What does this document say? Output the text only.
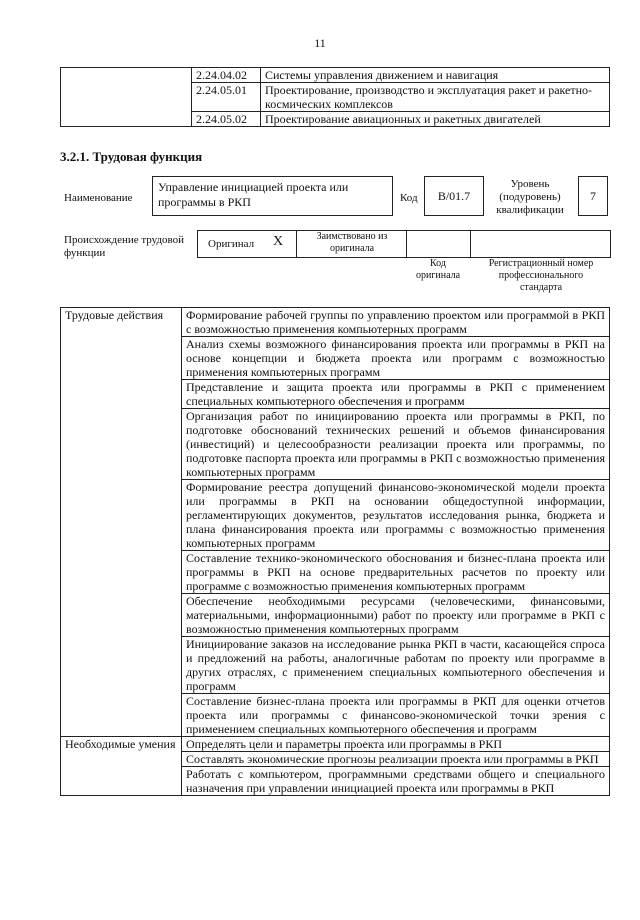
11
	2.24.04.02	Системы управления движением и навигация
	2.24.05.01	Проектирование, производство и эксплуатация ракет и ракетно-космических комплексов
	2.24.05.02	Проектирование авиационных и ракетных двигателей
3.2.1. Трудовая функция
Наименование
Управление инициацией проекта или программы в РКП	Код	В/01.7
Уровень (подуровень) квалификации
7
Происхождение трудовой функции
Оригинал X	Заимствовано из оригинала
Код оригинала
Регистрационный номер профессионального стандарта
Трудовые действия	Формирование рабочей группы по управлению проектом или программой в РКП с возможностью применения компьютерных программ
	Анализ схемы возможного финансирования проекта или программы в РКП на основе концепции и бюджета проекта или программ с возможностью применения компьютерных программ
	Представление и защита проекта или программы в РКП с применением специальных компьютерного обеспечения и программ
	Организация работ по инициированию проекта или программы в РКП, по подготовке обоснований технических решений и объемов финансирования (инвестиций) и целесообразности реализации проекта или программы, по подготовке паспорта проекта или программы в РКП с возможностью применения компьютерных программ
	Формирование реестра допущений финансово-экономической модели проекта или программы в РКП на основании общедоступной информации, регламентирующих документов, результатов исследования рынка, бюджета и плана финансирования проекта или программы с возможностью применения компьютерных программ
	Составление технико-экономического обоснования и бизнес-плана проекта или программы в РКП на основе предварительных расчетов по проекту или программе с возможностью применения компьютерных программ
	Обеспечение необходимыми ресурсами (человеческими, финансовыми, материальными, информационными) работ по проекту или программе в РКП с возможностью применения компьютерных программ
	Инициирование заказов на исследование рынка РКП в части, касающейся спроса и предложений на работы, аналогичные работам по проекту или программе в других отраслях, с применением специальных компьютерного обеспечения и программ
	Составление бизнес-плана проекта или программы в РКП для оценки отчетов проекта или программы с финансово-экономической точки зрения с применением специальных компьютерного обеспечения и программ
Необходимые умения	Определять цели и параметры проекта или программы в РКП
	Составлять экономические прогнозы реализации проекта или программы в РКП
	Работать с компьютером, программными средствами общего и специального назначения при управлении инициацией проекта или программы в РКП
